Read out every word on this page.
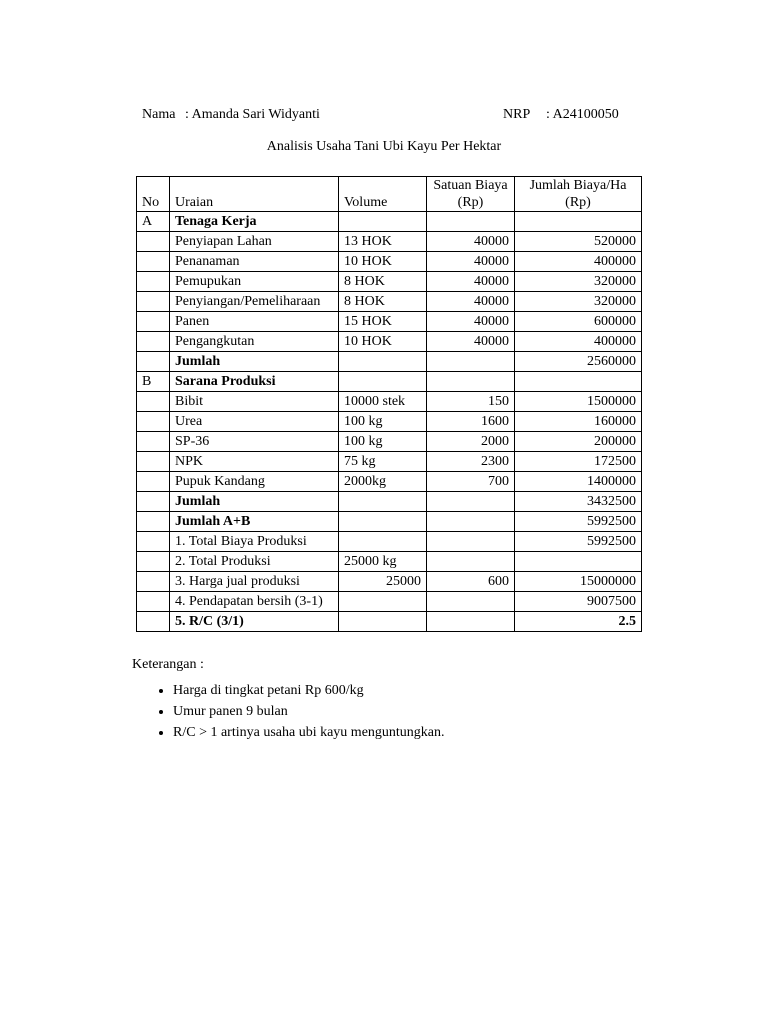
Nama : Amanda Sari Widyanti	NRP : A24100050
Analisis Usaha Tani Ubi Kayu Per Hektar
No	Uraian	Volume	Satuan Biaya (Rp)	Jumlah Biaya/Ha (Rp)
A	Tenaga Kerja			
	Penyiapan Lahan	13 HOK	40000	520000
	Penanaman	10 HOK	40000	400000
	Pemupukan	8 HOK	40000	320000
	Penyiangan/Pemeliharaan	8 HOK	40000	320000
	Panen	15 HOK	40000	600000
	Pengangkutan	10 HOK	40000	400000
	Jumlah			2560000
B	Sarana Produksi			
	Bibit	10000 stek	150	1500000
	Urea	100 kg	1600	160000
	SP-36	100 kg	2000	200000
	NPK	75 kg	2300	172500
	Pupuk Kandang	2000kg	700	1400000
	Jumlah			3432500
	Jumlah A+B			5992500
	1. Total Biaya Produksi			5992500
	2. Total Produksi	25000 kg		
	3. Harga jual produksi	25000	600	15000000
	4. Pendapatan bersih (3-1)			9007500
	5. R/C (3/1)			2.5
Keterangan :
• Harga di tingkat petani Rp 600/kg
• Umur panen 9 bulan
• R/C > 1 artinya usaha ubi kayu menguntungkan.
